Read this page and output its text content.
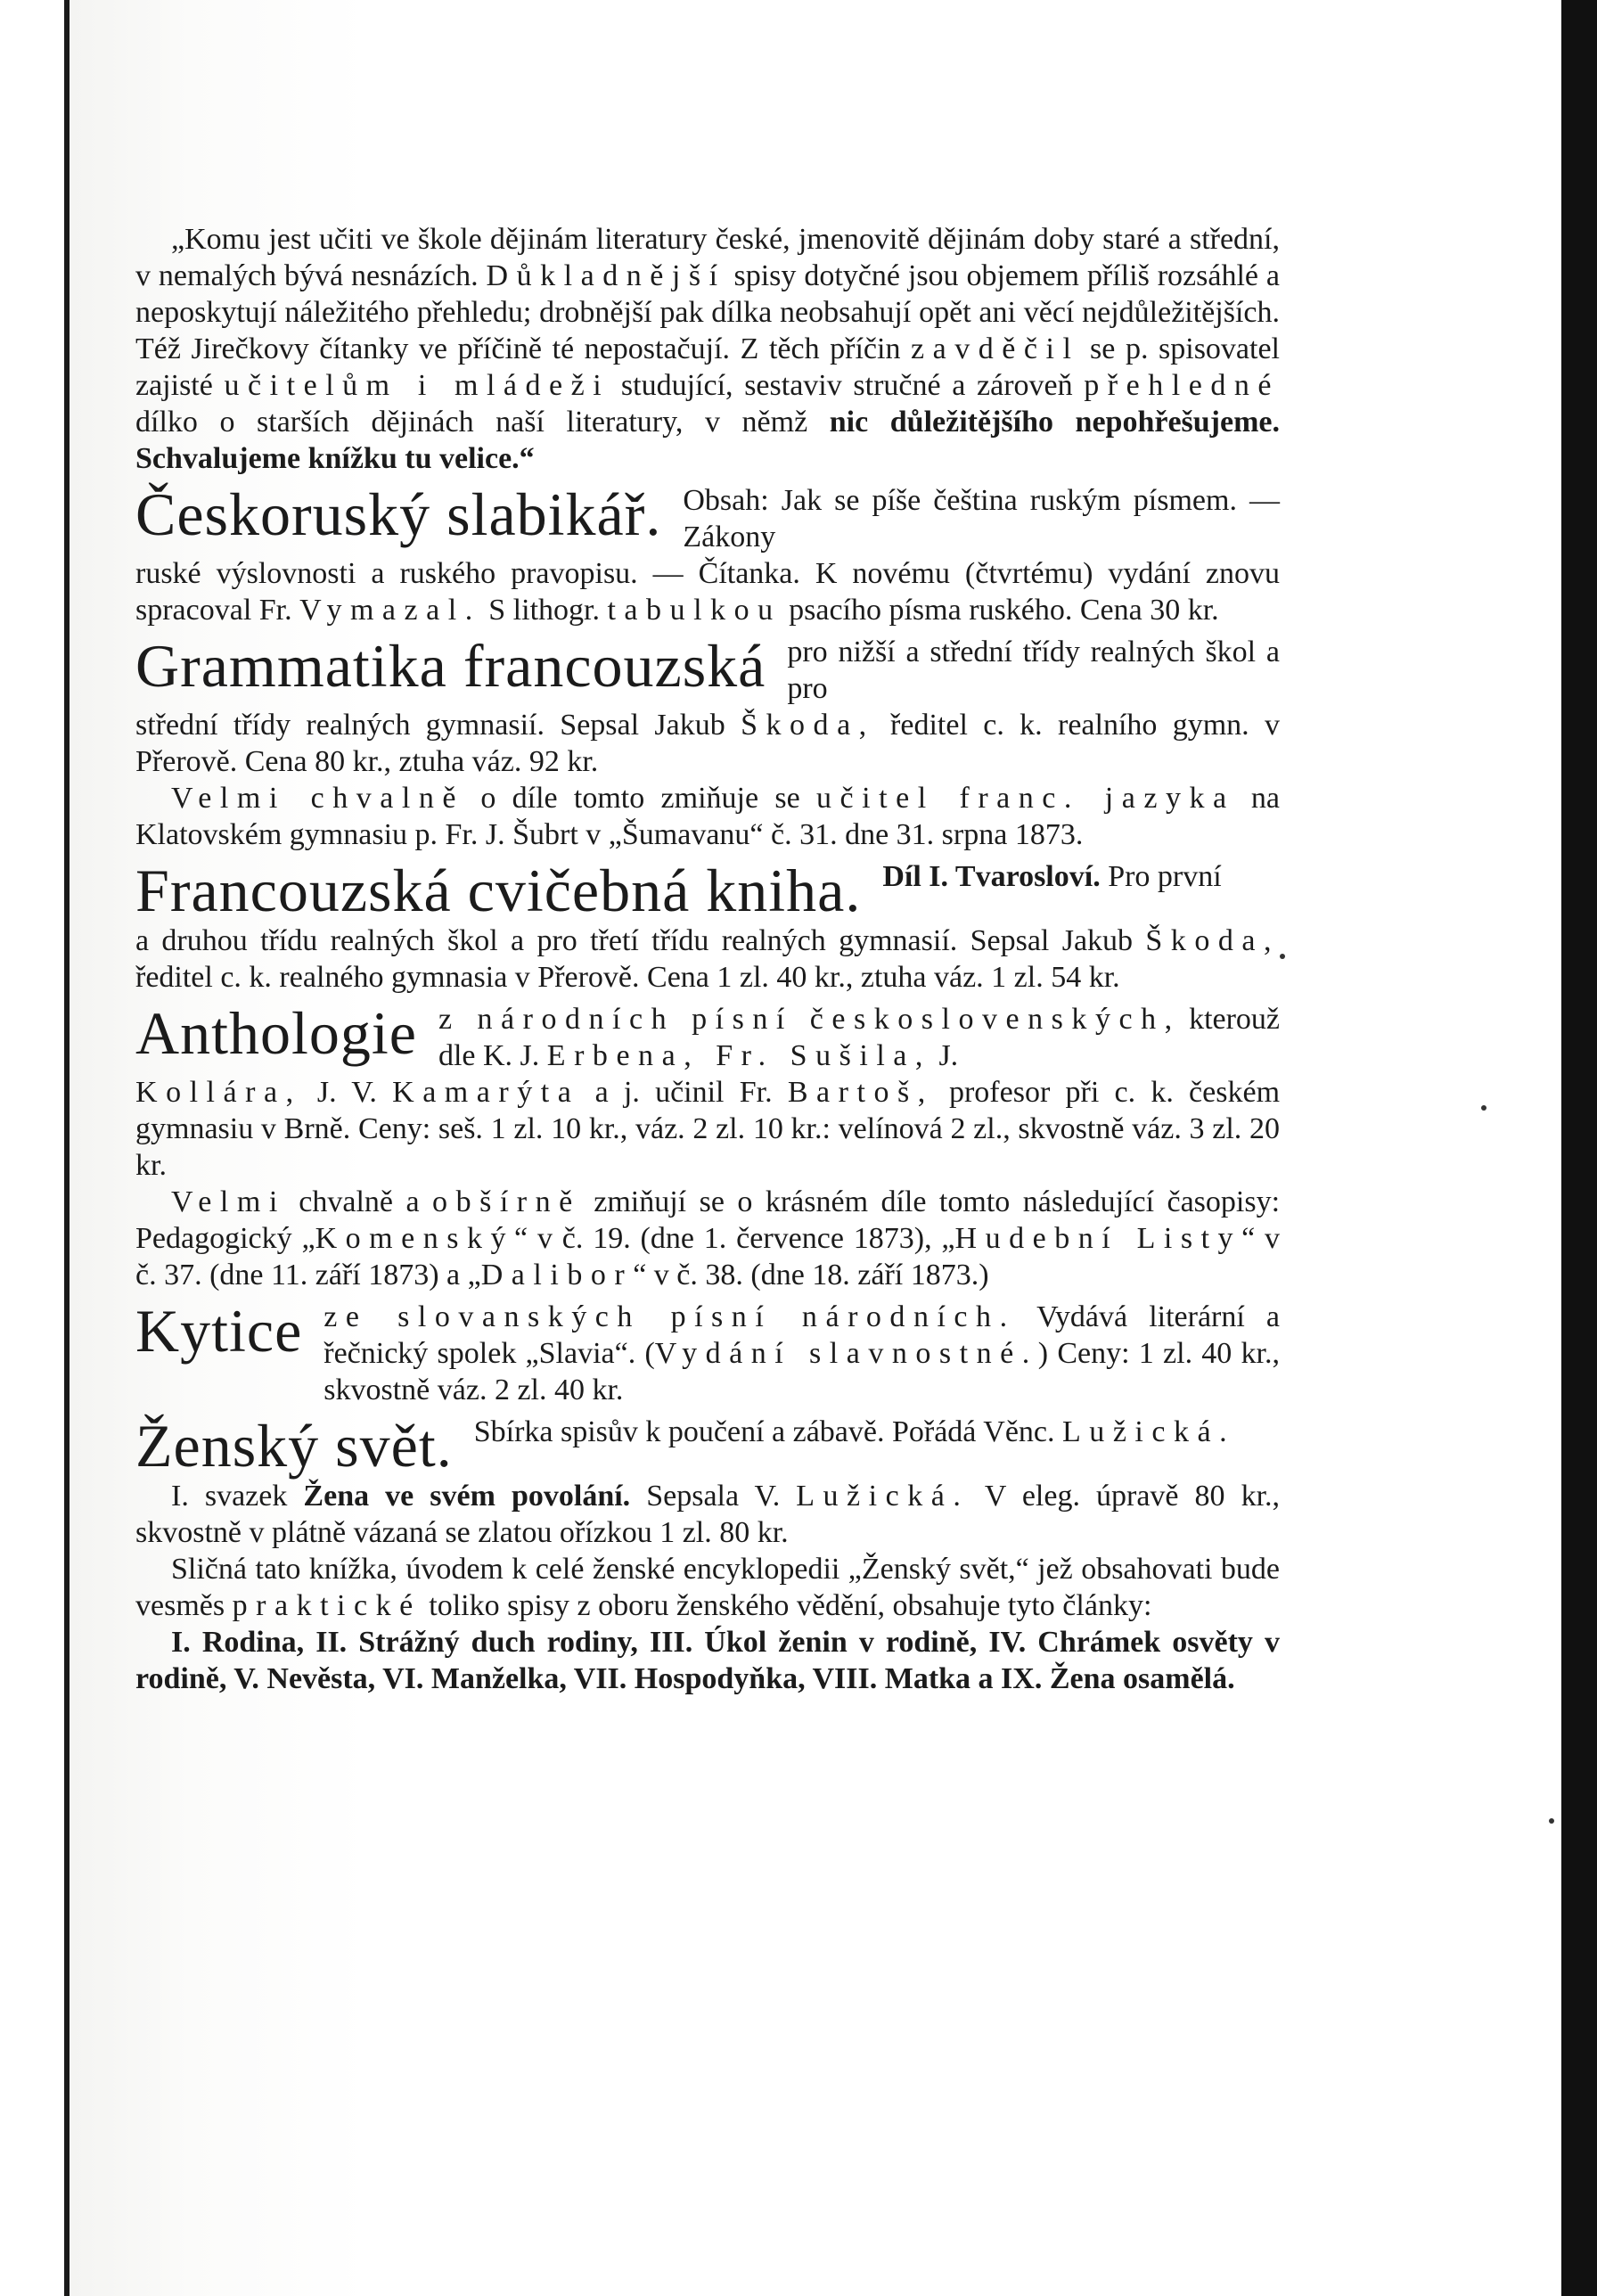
„Komu jest učiti ve škole dějinám literatury české, jmenovitě dějinám doby staré a střední, v nemalých bývá nesnázích. Důkladnější spisy dotyčné jsou objemem příliš rozsáhlé a neposkytují náležitého přehledu; drobnější pak dílka neobsahují opět ani věcí nejdůležitějších. Též Jirečkovy čítanky ve příčině té nepostačují. Z těch příčin zavděčil se p. spisovatel zajisté učitelům i mládeži studující, sestaviv stručné a zároveň přehledné dílko o starších dějinách naší literatury, v němž nic důležitějšího nepohřešujeme. Schvalujeme knížku tu velice.“

Českoruský slabikář. Obsah: Jak se píše čeština ruským písmem. — Zákony

ruské výslovnosti a ruského pravopisu. — Čítanka. K novému (čtvrtému) vydání znovu spracoval Fr. Vymazal. S lithogr. tabulkou psacího písma ruského. Cena 30 kr.

Grammatika francouzská pro nižší a střední třídy realných škol a pro

střední třídy realných gymnasií. Sepsal Jakub Škoda, ředitel c. k. realního gymn. v Přerově. Cena 80 kr., ztuha váz. 92 kr.

Velmi chvalně o díle tomto zmiňuje se učitel franc. jazyka na Klatovském gymnasiu p. Fr. J. Šubrt v „Šumavanu“ č. 31. dne 31. srpna 1873.

Francouzská cvičebná kniha. Díl I. Tvarosloví. Pro první

a druhou třídu realných škol a pro třetí třídu realných gymnasií. Sepsal Jakub Škoda, ředitel c. k. realného gymnasia v Přerově. Cena 1 zl. 40 kr., ztuha váz. 1 zl. 54 kr.

Anthologie z národních písní československých, kterouž dle K. J. Erbena, Fr. Sušila, J.

Kollára, J. V. Kamarýta a j. učinil Fr. Bartoš, profesor při c. k. českém gymnasiu v Brně. Ceny: seš. 1 zl. 10 kr., váz. 2 zl. 10 kr.: velínová 2 zl., skvostně váz. 3 zl. 20 kr.

Velmi chvalně a obšírně zmiňují se o krásném díle tomto následující časopisy: Pedagogický „Komenský“ v č. 19. (dne 1. července 1873), „Hudební Listy“ v č. 37. (dne 11. září 1873) a „Dalibor“ v č. 38. (dne 18. září 1873.)

Kytice ze slovanských písní národních. Vydává literární a řečnický spolek „Slavia“. (Vydání slavnostné.) Ceny: 1 zl. 40 kr., skvostně váz. 2 zl. 40 kr.
Ženský svět. Sbírka spisův k poučení a zábavě. Pořádá Věnc. Lužická.

I. svazek Žena ve svém povolání. Sepsala V. Lužická. V eleg. úpravě 80 kr., skvostně v plátně vázaná se zlatou ořízkou 1 zl. 80 kr.

Sličná tato knížka, úvodem k celé ženské encyklopedii „Ženský svět,“ jež obsahovati bude vesměs praktické toliko spisy z oboru ženského vědění, obsahuje tyto články:

I. Rodina, II. Strážný duch rodiny, III. Úkol ženin v rodině, IV. Chrámek osvěty v rodině, V. Nevěsta, VI. Manželka, VII. Hospodyňka, VIII. Matka a IX. Žena osamělá.
